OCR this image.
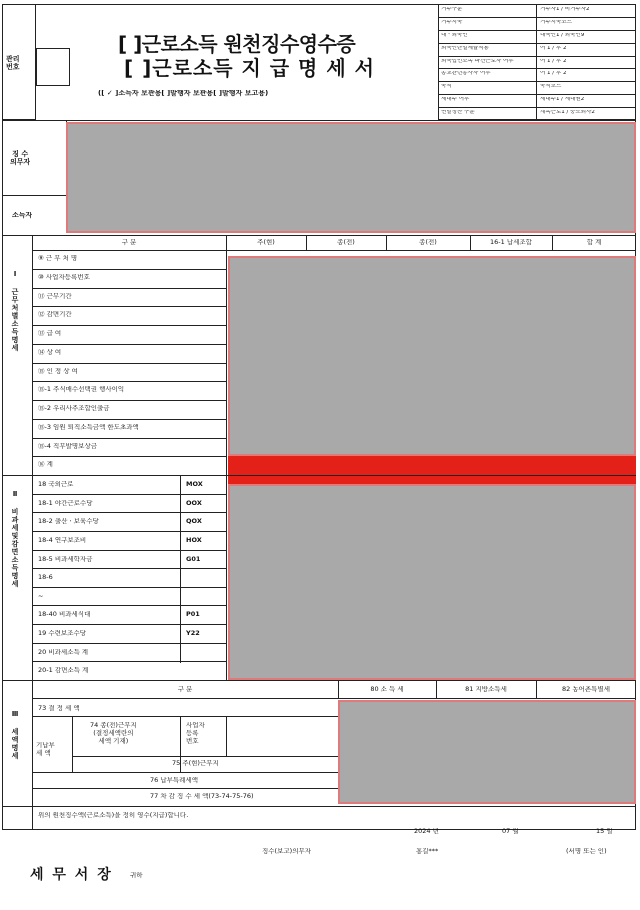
관리
번호
[ ]근로소득 원천징수영수증
[ ]근로소득 지 급 명 세 서
([ ✓ ]소득자 보관용[ ]발행자 보관용[ ]발행자 보고용)
거주구분	거주자1 / 비거주자2
거주지국	거주지국코드
내ㆍ외국인	내국인1 / 외국인9
외국인단일세율적용	여 1 / 부 2
외국법인소속 파견근로자 여부	여 1 / 부 2
종교관련종사자 여부	여 1 / 부 2
국적	국적코드
세대주 여부	세대주1 / 세대원2
연말정산 구분	계속근로1 / 중도퇴사2
징 수
의무자
소득자
Ⅰ 근무처별소득명세
구 분	주(현)	종(전)	종(전)	16-1 납세조합	합 계
⑨ 근 무 처 명
⑩ 사업자등록번호
⑪ 근무기간
⑫ 감면기간
⑬ 급 여
⑭ 상 여
⑮ 인 정 상 여
⑮-1 주식매수선택권 행사이익
⑮-2 우리사주조합인출금
⑮-3 임원 퇴직소득금액 한도초과액
⑮-4 직무발명보상금
⑯ 계
Ⅱ 비과세및감면소득명세
18 국외근로	MOX
18-1 야간근로수당	OOX
18-2 출산ㆍ보육수당	QOX
18-4 연구보조비	HOX
18-5 비과세학자금	G01
18-6
~
18-40 비과세식대	P01
19 수련보조수당	Y22
20 비과세소득 계
20-1 감면소득 계
Ⅲ 세액명세
구 분	80 소 득 세	81 지방소득세	82 농어촌특별세
73 결 정 세 액
기납부
세 액
74 종(전)근무지
(결정세액란의
세액 기재)
사업자
등록
번호
75 주(현)근무지
76 납부특례세액
77 차 감 징 수 세 액(73-74-75-76)
위의 원천징수액(근로소득)을 정히 영수(지급)합니다.
2024 년	07 월	15 일
징수(보고)의무자	홍길***	(서명 또는 인)
세 무 서 장	귀하
